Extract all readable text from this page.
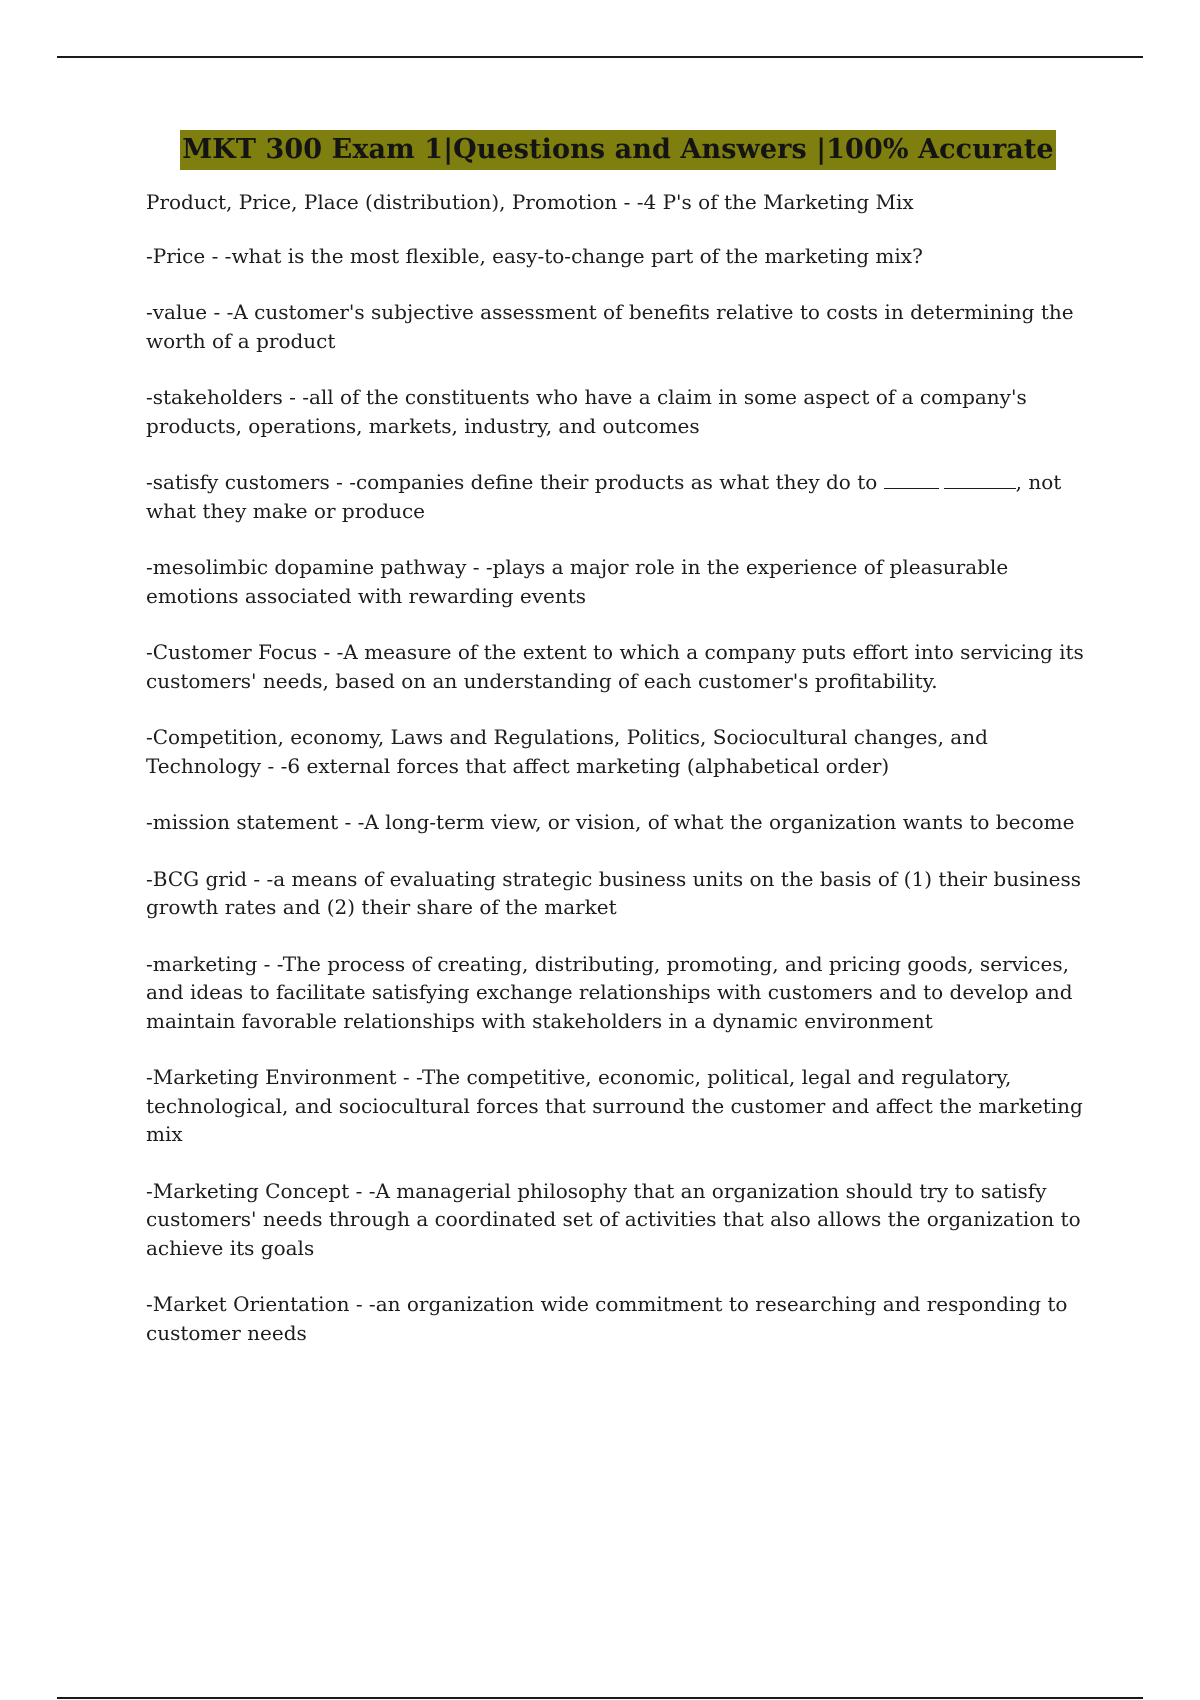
MKT 300 Exam 1|Questions and Answers |100% Accurate

Product, Price, Place (distribution), Promotion - -4 P's of the Marketing Mix

-Price - -what is the most flexible, easy-to-change part of the marketing mix?

-value - -A customer's subjective assessment of benefits relative to costs in determining the worth of a product

-stakeholders - -all of the constituents who have a claim in some aspect of a company's products, operations, markets, industry, and outcomes

-satisfy customers - -companies define their products as what they do to	, not what they make or produce

-mesolimbic dopamine pathway - -plays a major role in the experience of pleasurable emotions associated with rewarding events

-Customer Focus - -A measure of the extent to which a company puts effort into servicing its customers' needs, based on an understanding of each customer's profitability.

-Competition, economy, Laws and Regulations, Politics, Sociocultural changes, and Technology - -6 external forces that affect marketing (alphabetical order)

-mission statement - -A long-term view, or vision, of what the organization wants to become

-BCG grid - -a means of evaluating strategic business units on the basis of (1) their business growth rates and (2) their share of the market

-marketing - -The process of creating, distributing, promoting, and pricing goods, services, and ideas to facilitate satisfying exchange relationships with customers and to develop and maintain favorable relationships with stakeholders in a dynamic environment

-Marketing Environment - -The competitive, economic, political, legal and regulatory, technological, and sociocultural forces that surround the customer and affect the marketing mix

-Marketing Concept - -A managerial philosophy that an organization should try to satisfy customers' needs through a coordinated set of activities that also allows the organization to achieve its goals

-Market Orientation - -an organization wide commitment to researching and responding to customer needs
